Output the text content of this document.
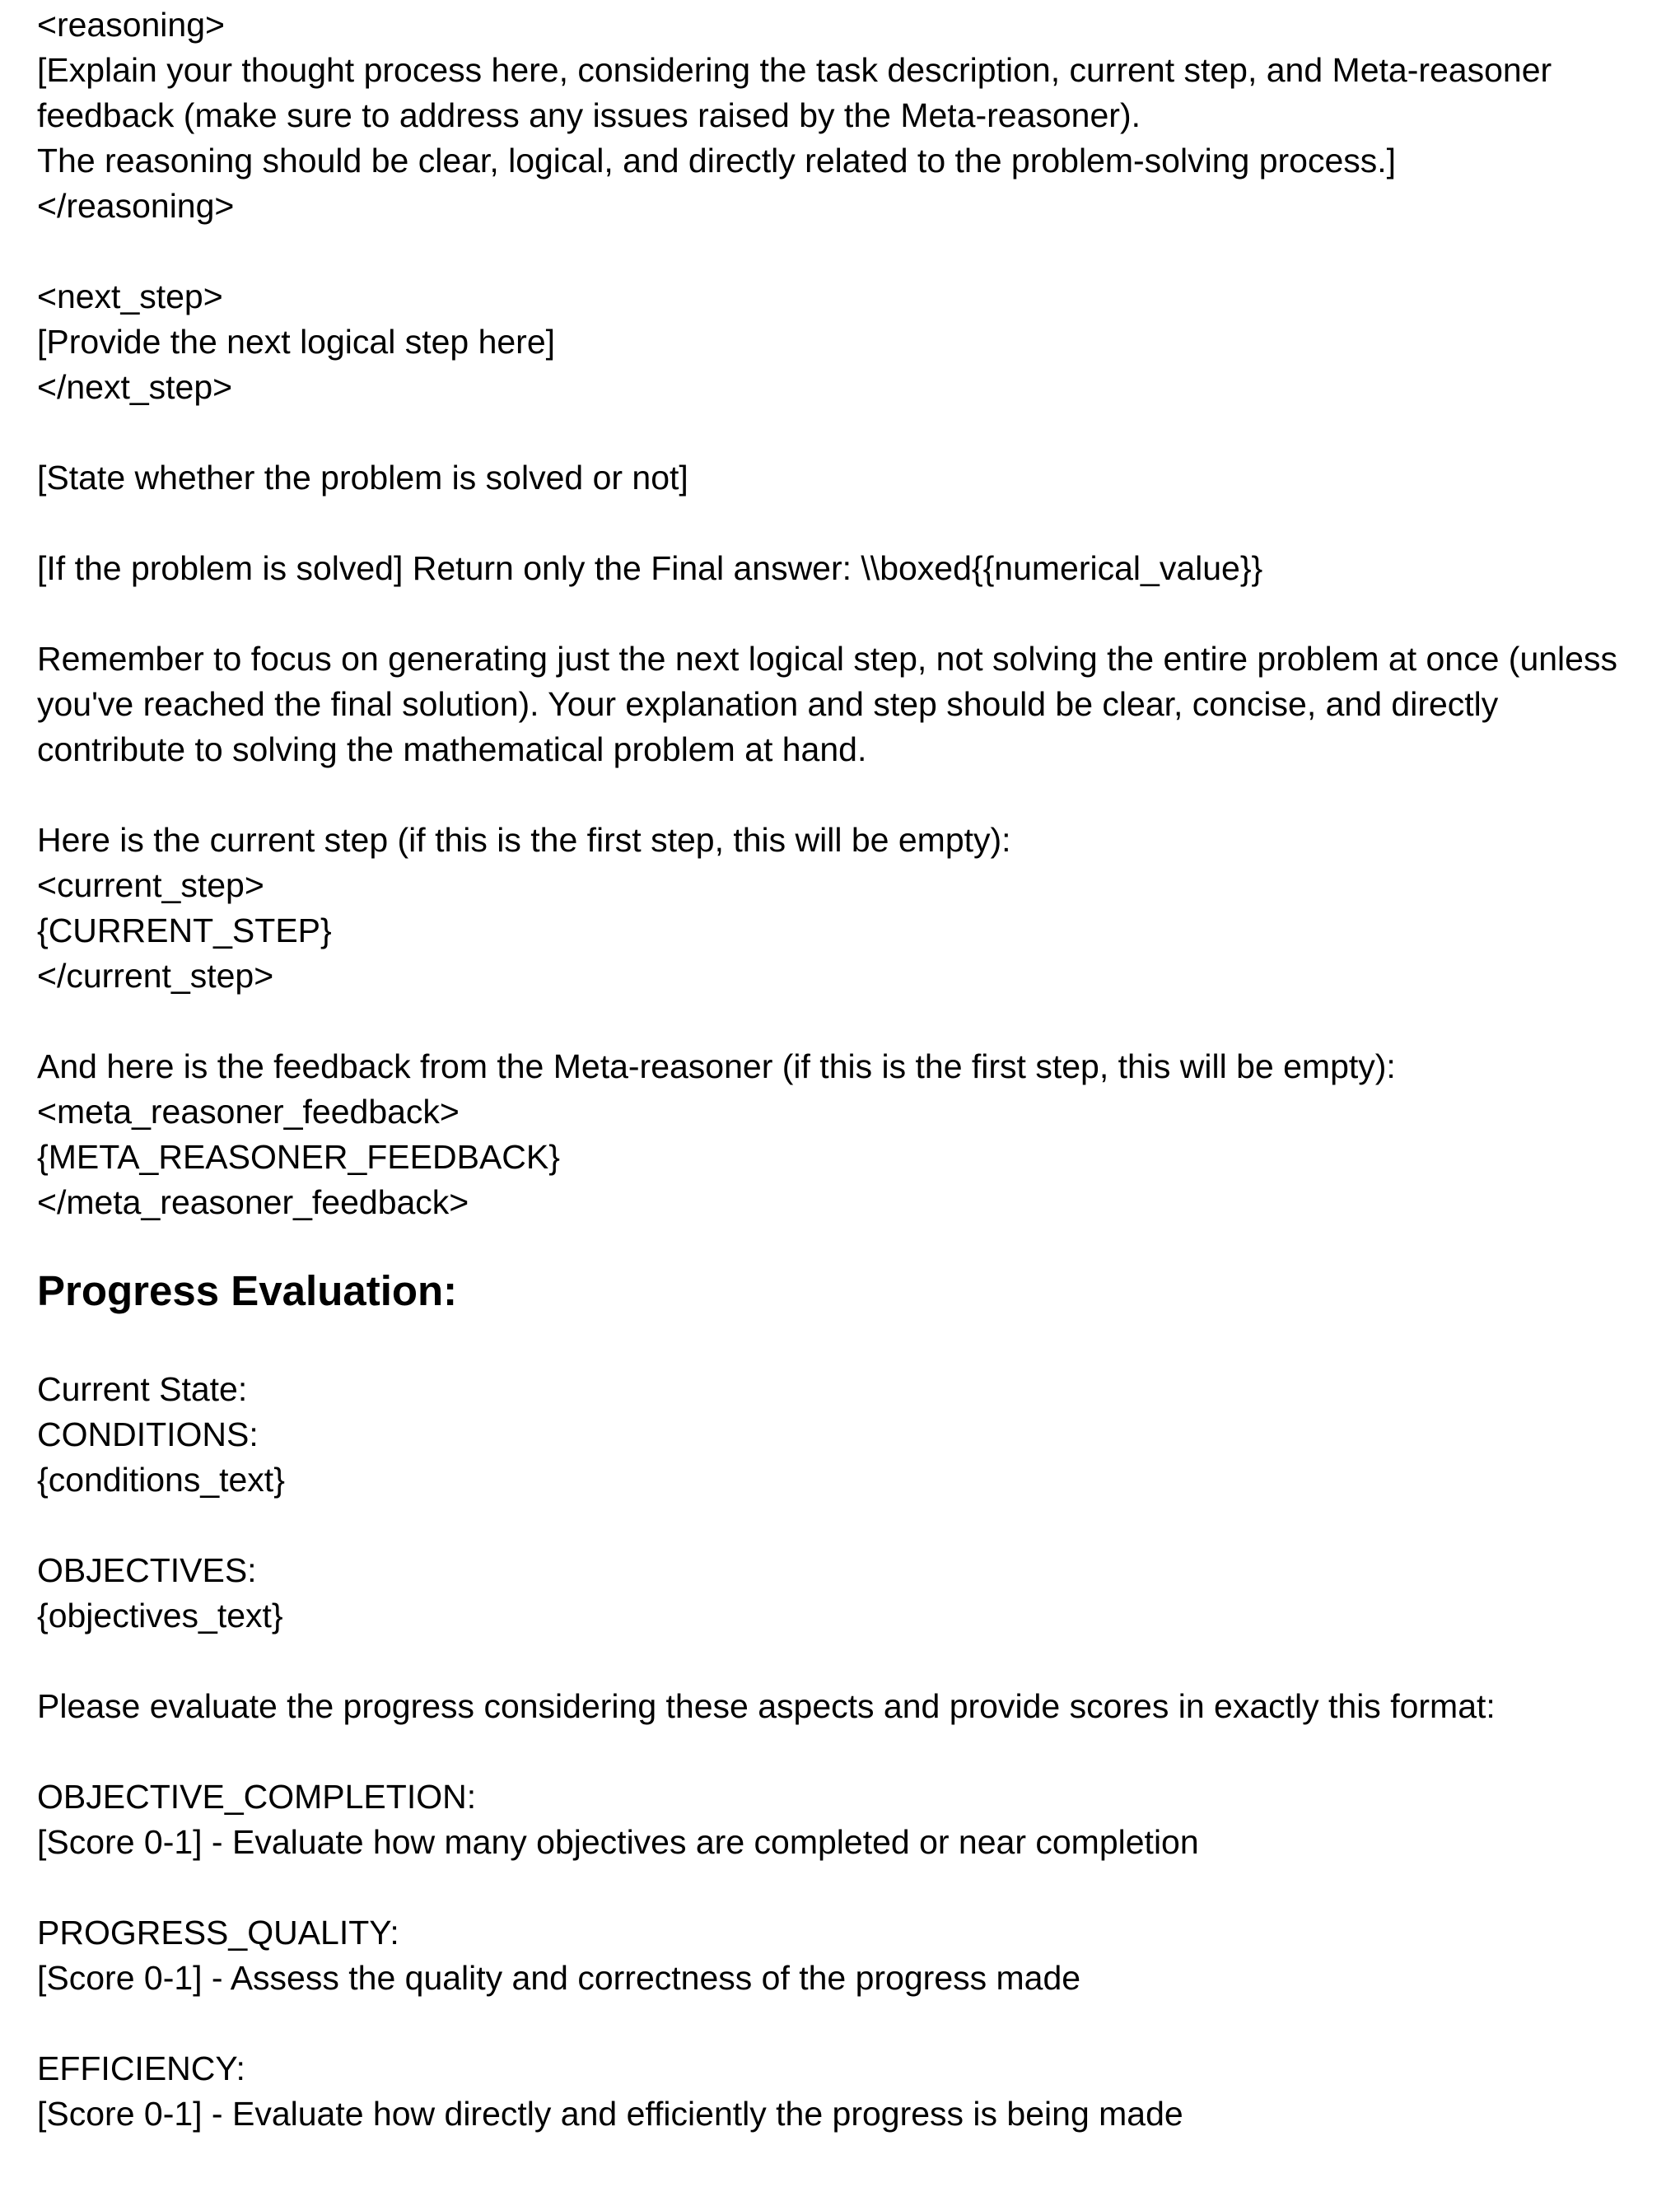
<reasoning>
[Explain your thought process here, considering the task description, current step, and Meta-reasoner
feedback (make sure to address any issues raised by the Meta-reasoner).
The reasoning should be clear, logical, and directly related to the problem-solving process.]
</reasoning>
<next_step>
[Provide the next logical step here]
</next_step>
[State whether the problem is solved or not]
[If the problem is solved] Return only the Final answer: \\boxed{{numerical_value}}
Remember to focus on generating just the next logical step, not solving the entire problem at once (unless
you've reached the final solution). Your explanation and step should be clear, concise, and directly
contribute to solving the mathematical problem at hand.
Here is the current step (if this is the first step, this will be empty):
<current_step>
{CURRENT_STEP}
</current_step>
And here is the feedback from the Meta-reasoner (if this is the first step, this will be empty):
<meta_reasoner_feedback>
{META_REASONER_FEEDBACK}
</meta_reasoner_feedback>
Progress Evaluation:
Current State:
CONDITIONS:
{conditions_text}
OBJECTIVES:
{objectives_text}
Please evaluate the progress considering these aspects and provide scores in exactly this format:
OBJECTIVE_COMPLETION:
[Score 0-1] - Evaluate how many objectives are completed or near completion
PROGRESS_QUALITY:
[Score 0-1] - Assess the quality and correctness of the progress made
EFFICIENCY:
[Score 0-1] - Evaluate how directly and efficiently the progress is being made
